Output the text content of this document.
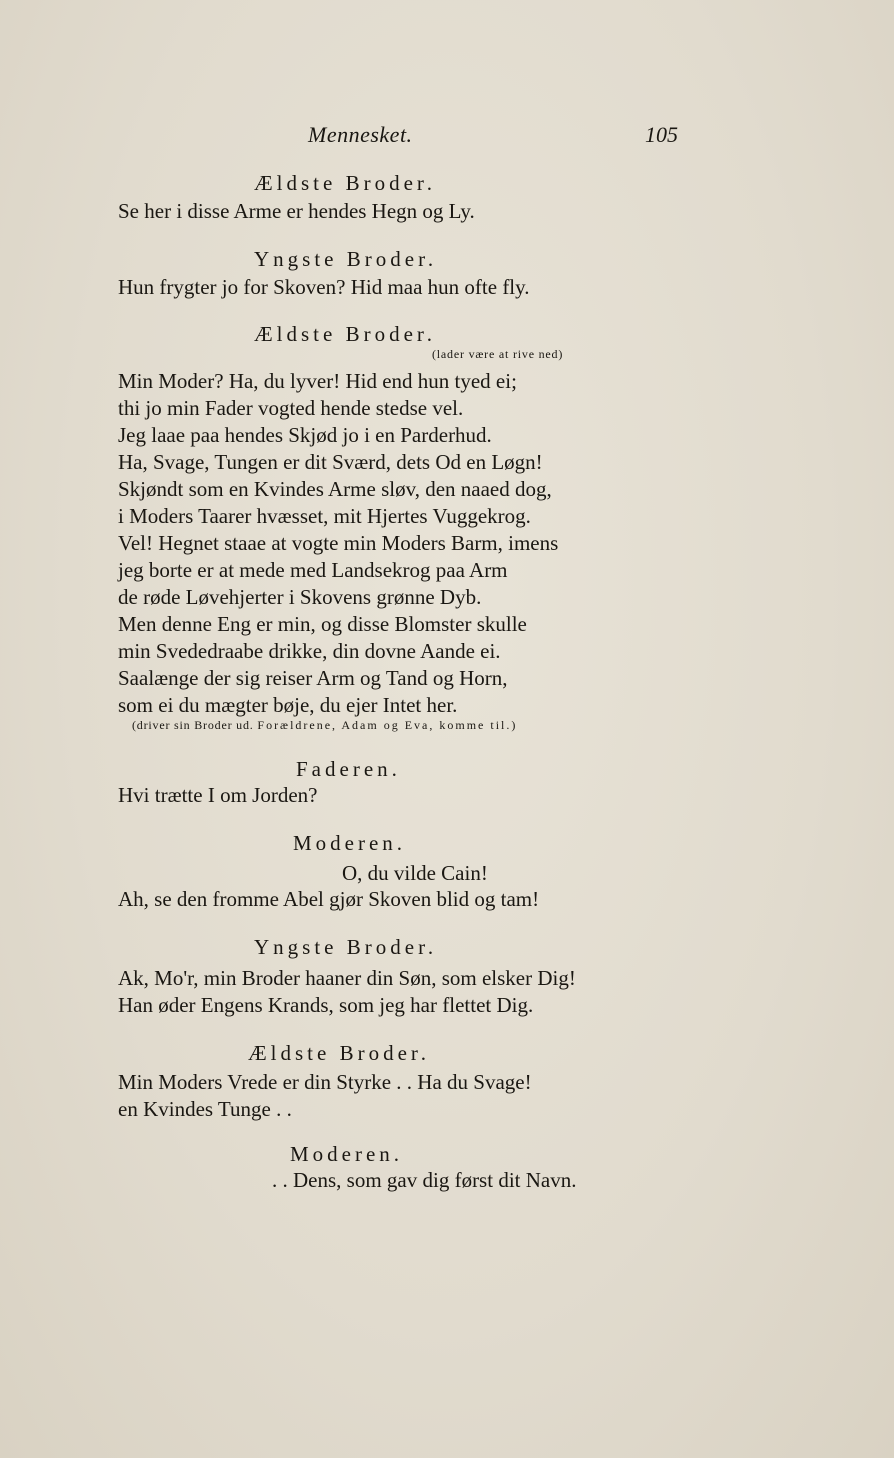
Mennesket.	105
Ældste Broder.
Se her i disse Arme er hendes Hegn og Ly.
Yngste Broder.
Hun frygter jo for Skoven? Hid maa hun ofte fly.
Ældste Broder.
(lader være at rive ned)
Min Moder? Ha, du lyver! Hid end hun tyed ei;
thi jo min Fader vogted hende stedse vel.
Jeg laae paa hendes Skjød jo i en Parderhud.
Ha, Svage, Tungen er dit Sværd, dets Od en Løgn!
Skjøndt som en Kvindes Arme sløv, den naaed dog,
i Moders Taarer hvæsset, mit Hjertes Vuggekrog.
Vel! Hegnet staae at vogte min Moders Barm, imens
jeg borte er at mede med Landsekrog paa Arm
de røde Løvehjerter i Skovens grønne Dyb.
Men denne Eng er min, og disse Blomster skulle
min Svededraabe drikke, din dovne Aande ei.
Saalænge der sig reiser Arm og Tand og Horn,
som ei du mægter bøje, du ejer Intet her.
(driver sin Broder ud. Forældrene, Adam og Eva, komme til.)
Faderen.
Hvi trætte I om Jorden?
Moderen.
O, du vilde Cain!
Ah, se den fromme Abel gjør Skoven blid og tam!
Yngste Broder.
Ak, Mo'r, min Broder haaner din Søn, som elsker Dig!
Han øder Engens Krands, som jeg har flettet Dig.
Ældste Broder.
Min Moders Vrede er din Styrke . . Ha du Svage!
en Kvindes Tunge . .
Moderen.
. . Dens, som gav dig først dit Navn.
